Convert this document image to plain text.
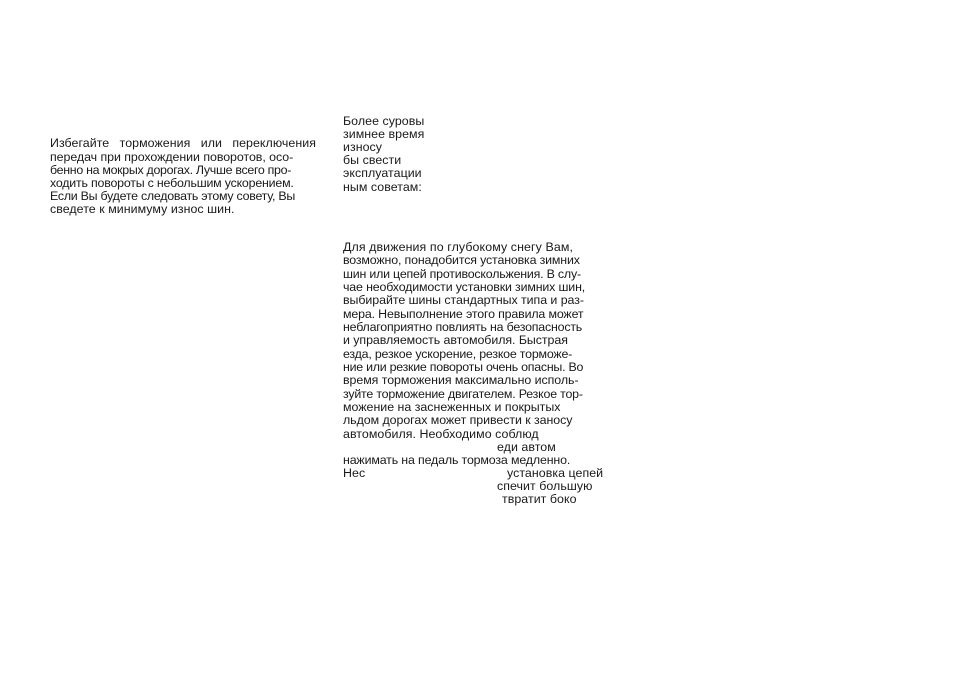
Избегайте торможения или переключения
передач при прохождении поворотов, осо-
бенно на мокрых дорогах. Лучше всего про-
ходить повороты с небольшим ускорением.
Если Вы будете следовать этому совету, Вы
сведете к минимуму износ шин.
Более суровы
зимнее время
износу
бы свести
эксплуатации
ным советам:
Для движения по глубокому снегу Вам,
возможно, понадобится установка зимних
шин или цепей противоскольжения. В слу-
чае необходимости установки зимних шин,
выбирайте шины стандартных типа и раз-
мера. Невыполнение этого правила может
неблагоприятно повлиять на безопасность
и управляемость автомобиля. Быстрая
езда, резкое ускорение, резкое торможе-
ние или резкие повороты очень опасны. Во
время торможения максимально исполь-
зуйте торможение двигателем. Резкое тор-
можение на заснеженных и покрытых
льдом дорогах может привести к заносу
автомобиля. Необходимо соблюд
еди автом
нажимать на педаль тормоза медленно.
Нес	установка цепей
спечит большую
твратит боко
